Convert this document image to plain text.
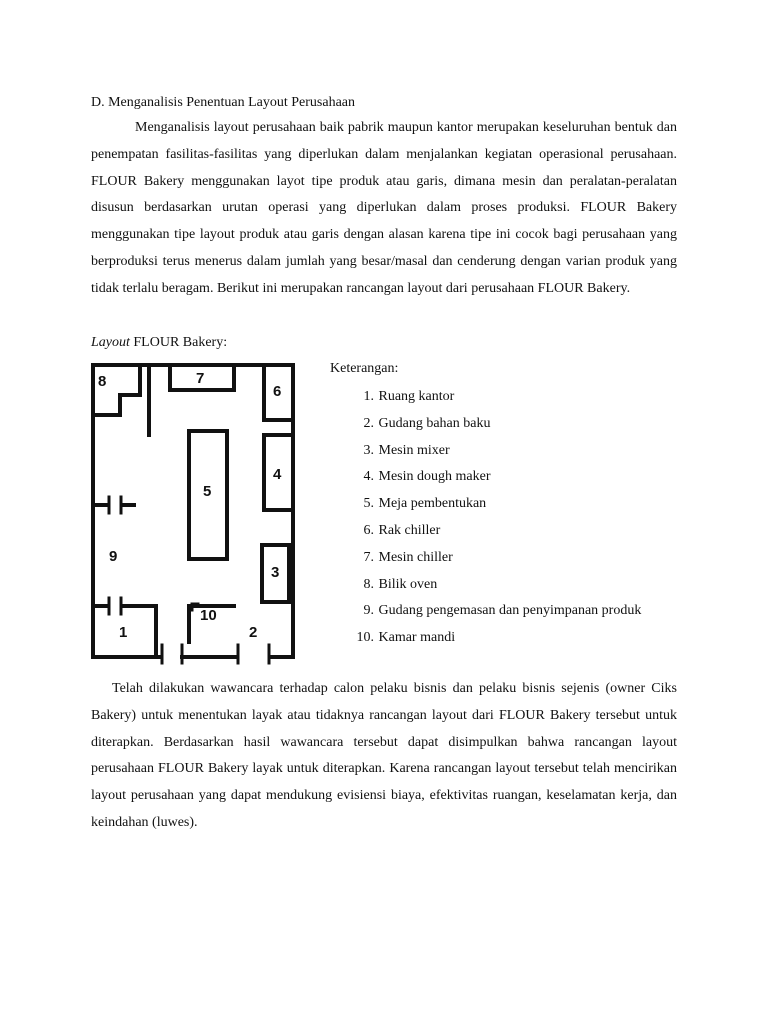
D. Menganalisis Penentuan Layout Perusahaan

Menganalisis layout perusahaan baik pabrik maupun kantor merupakan keseluruhan bentuk dan penempatan fasilitas-fasilitas yang diperlukan dalam menjalankan kegiatan operasional perusahaan. FLOUR Bakery menggunakan layot tipe produk atau garis, dimana mesin dan peralatan-peralatan disusun berdasarkan urutan operasi yang diperlukan dalam proses produksi. FLOUR Bakery menggunakan tipe layout produk atau garis dengan alasan karena tipe ini cocok bagi perusahaan yang berproduksi terus menerus dalam jumlah yang besar/masal dan cenderung dengan varian produk yang tidak terlalu beragam. Berikut ini merupakan rancangan layout dari perusahaan FLOUR Bakery.

Layout FLOUR Bakery:
8	7
6
4
5
9
3
10
1	2
Keterangan:
1. Ruang kantor
2. Gudang bahan baku
3. Mesin mixer
4. Mesin dough maker
5. Meja pembentukan
6. Rak chiller
7. Mesin chiller
8. Bilik oven
9. Gudang pengemasan dan penyimpanan produk
10. Kamar mandi

Telah dilakukan wawancara terhadap calon pelaku bisnis dan pelaku bisnis sejenis (owner Ciks Bakery) untuk menentukan layak atau tidaknya rancangan layout dari FLOUR Bakery tersebut untuk diterapkan. Berdasarkan hasil wawancara tersebut dapat disimpulkan bahwa rancangan layout perusahaan FLOUR Bakery layak untuk diterapkan. Karena rancangan layout tersebut telah mencirikan layout perusahaan yang dapat mendukung evisiensi biaya, efektivitas ruangan, keselamatan kerja, dan keindahan (luwes).
